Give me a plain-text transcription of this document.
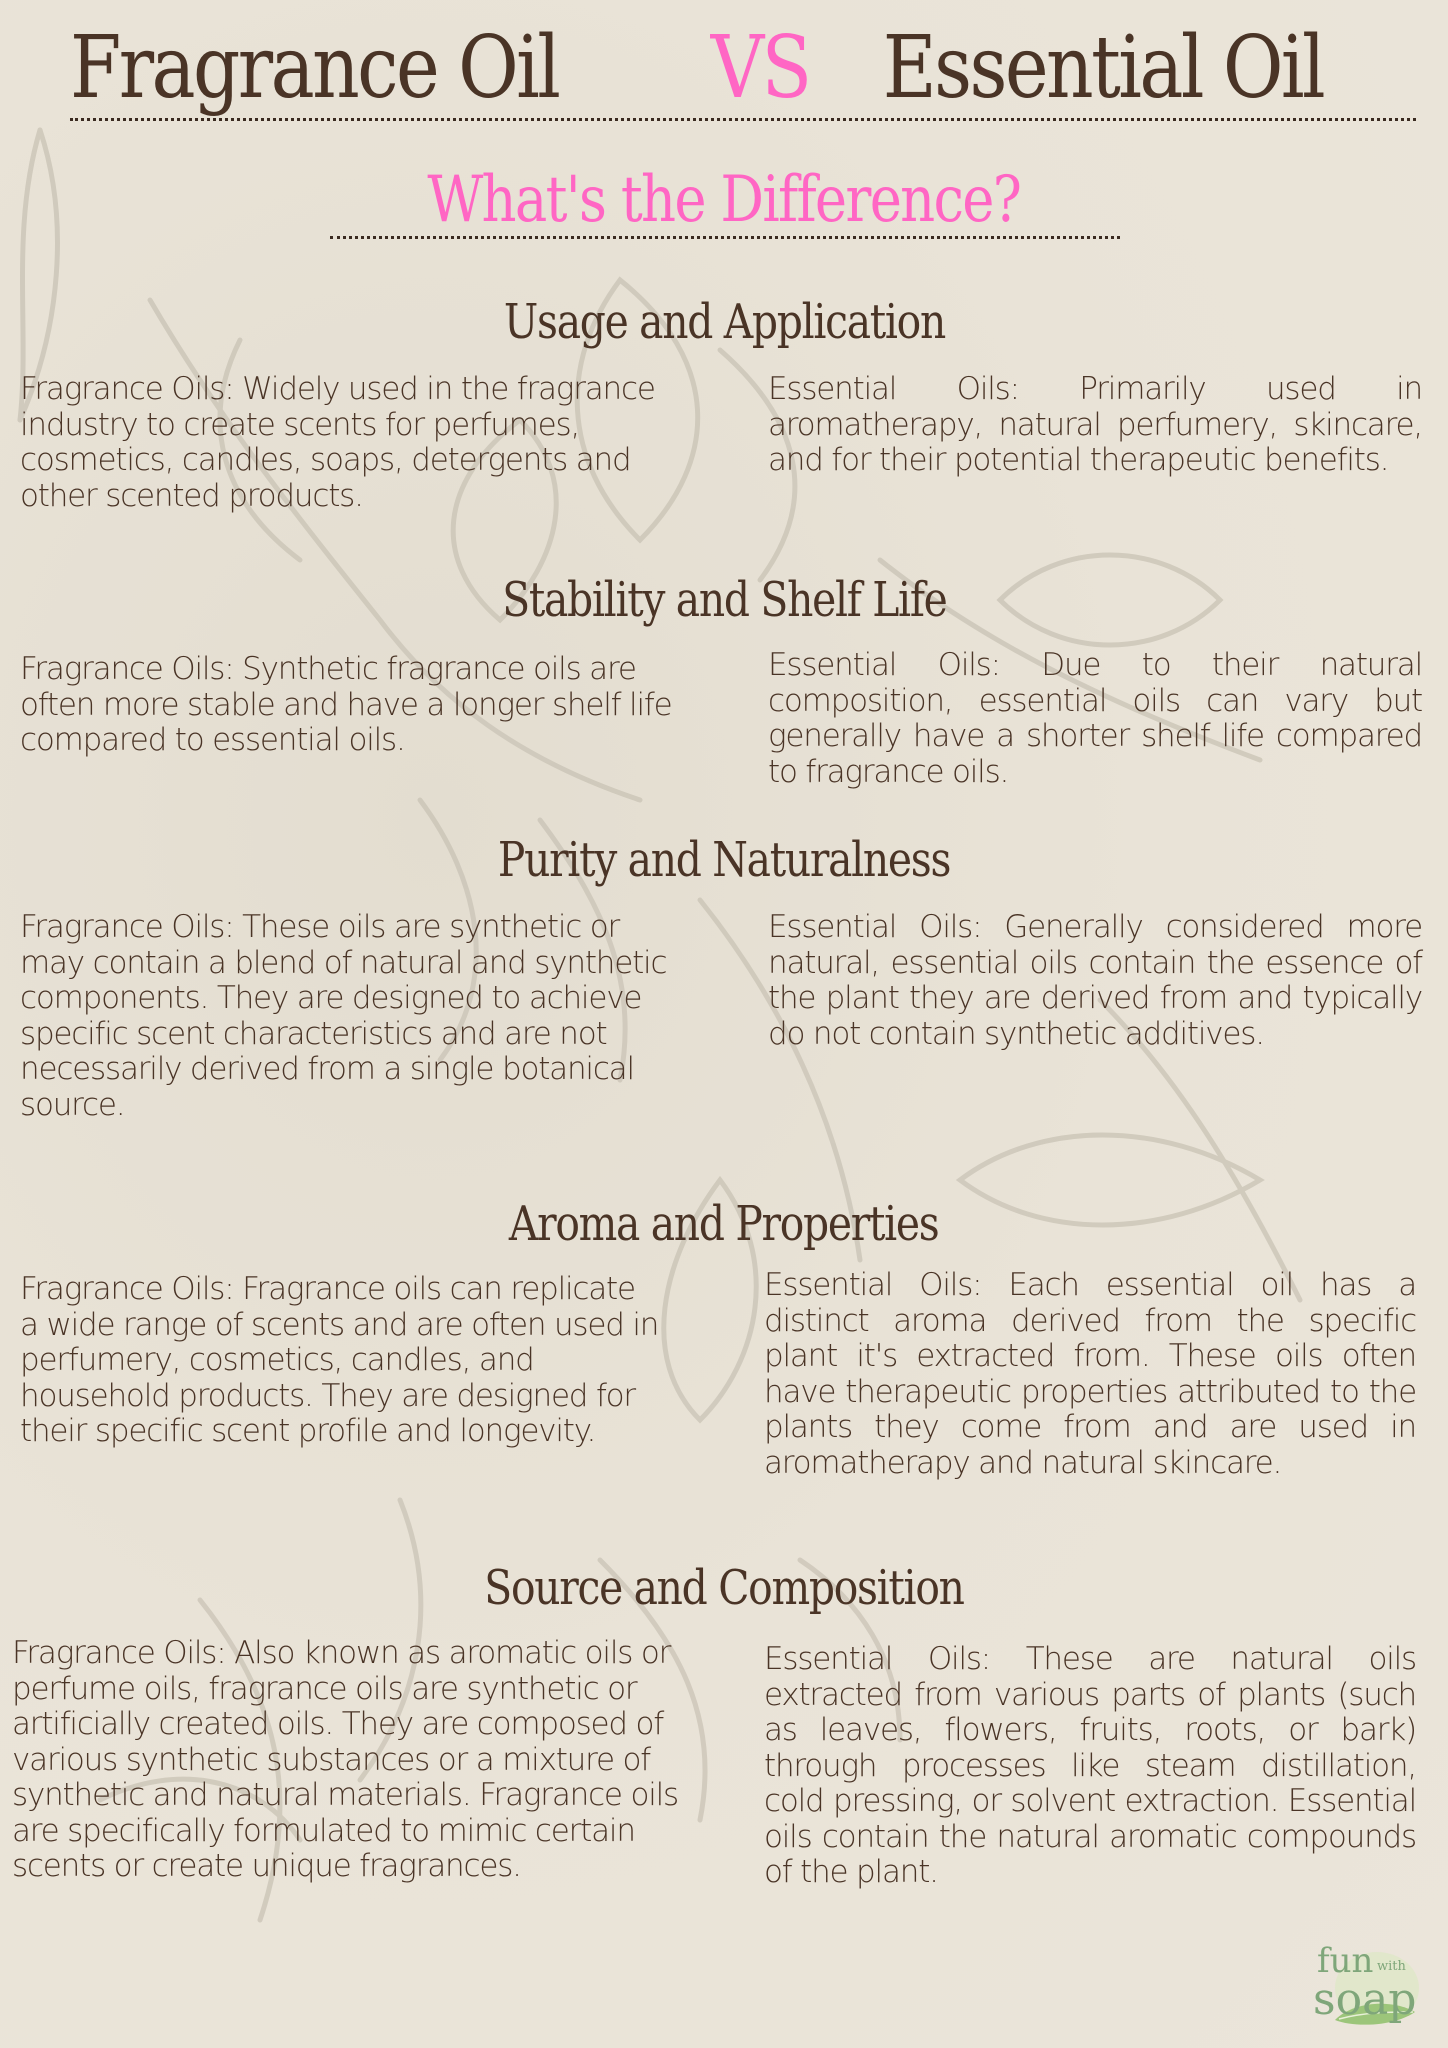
Fragrance Oil VS Essential Oil
What's the Difference?
Usage and Application
Fragrance Oils: Widely used in the fragrance industry to create scents for perfumes, cosmetics, candles, soaps, detergents and other scented products.
Essential Oils: Primarily used in aromatherapy, natural perfumery, skincare, and for their potential therapeutic benefits.
Stability and Shelf Life
Fragrance Oils: Synthetic fragrance oils are often more stable and have a longer shelf life compared to essential oils.
Essential Oils: Due to their natural composition, essential oils can vary but generally have a shorter shelf life compared to fragrance oils.
Purity and Naturalness
Fragrance Oils: These oils are synthetic or may contain a blend of natural and synthetic components. They are designed to achieve specific scent characteristics and are not necessarily derived from a single botanical source.
Essential Oils: Generally considered more natural, essential oils contain the essence of the plant they are derived from and typically do not contain synthetic additives.
Aroma and Properties
Fragrance Oils: Fragrance oils can replicate a wide range of scents and are often used in perfumery, cosmetics, candles, and household products. They are designed for their specific scent profile and longevity.
Essential Oils: Each essential oil has a distinct aroma derived from the specific plant it's extracted from. These oils often have therapeutic properties attributed to the plants they come from and are used in aromatherapy and natural skincare.
Source and Composition
Fragrance Oils: Also known as aromatic oils or perfume oils, fragrance oils are synthetic or artificially created oils. They are composed of various synthetic substances or a mixture of synthetic and natural materials. Fragrance oils are specifically formulated to mimic certain scents or create unique fragrances.
Essential Oils: These are natural oils extracted from various parts of plants (such as leaves, flowers, fruits, roots, or bark) through processes like steam distillation, cold pressing, or solvent extraction. Essential oils contain the natural aromatic compounds of the plant.
fun with
soap
